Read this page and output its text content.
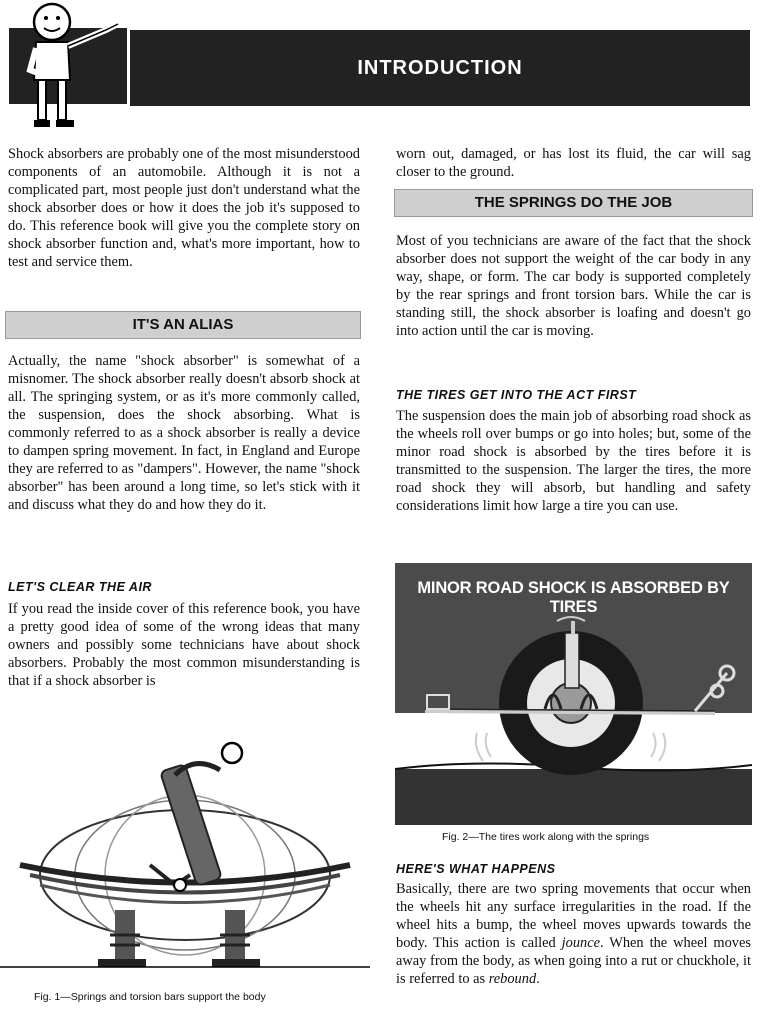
INTRODUCTION

Shock absorbers are probably one of the most misunderstood components of an automobile. Although it is not a complicated part, most people just don't understand what the shock absorber does or how it does the job it's supposed to do. This reference book will give you the complete story on shock absorber function and, what's more important, how to test and service them.

IT'S AN ALIAS

Actually, the name "shock absorber" is somewhat of a misnomer. The shock absorber really doesn't absorb shock at all. The springing system, or as it's more commonly called, the suspension, does the shock absorbing. What is commonly referred to as a shock absorber is really a device to dampen spring movement. In fact, in England and Europe they are referred to as "dampers". However, the name "shock absorber" has been around a long time, so let's stick with it and discuss what they do and how they do it.

LET'S CLEAR THE AIR

If you read the inside cover of this reference book, you have a pretty good idea of some of the wrong ideas that many owners and possibly some technicians have about shock absorbers. Probably the most common misunderstanding is that if a shock absorber is

Fig. 1—Springs and torsion bars support the body

worn out, damaged, or has lost its fluid, the car will sag closer to the ground.

THE SPRINGS DO THE JOB

Most of you technicians are aware of the fact that the shock absorber does not support the weight of the car body in any way, shape, or form. The car body is supported completely by the rear springs and front torsion bars. While the car is standing still, the shock absorber is loafing and doesn't go into action until the car is moving.

THE TIRES GET INTO THE ACT FIRST

The suspension does the main job of absorbing road shock as the wheels roll over bumps or go into holes; but, some of the minor road shock is absorbed by the tires before it is transmitted to the suspension. The larger the tires, the more road shock they will absorb, but handling and safety considerations limit how large a tire you can use.

MINOR ROAD SHOCK IS ABSORBED BY TIRES
Fig. 2—The tires work along with the springs
HERE'S WHAT HAPPENS

Basically, there are two spring movements that occur when the wheels hit any surface irregularities in the road. If the wheel hits a bump, the wheel moves upwards towards the body. This action is called jounce. When the wheel moves away from the body, as when going into a rut or chuckhole, it is referred to as rebound.
